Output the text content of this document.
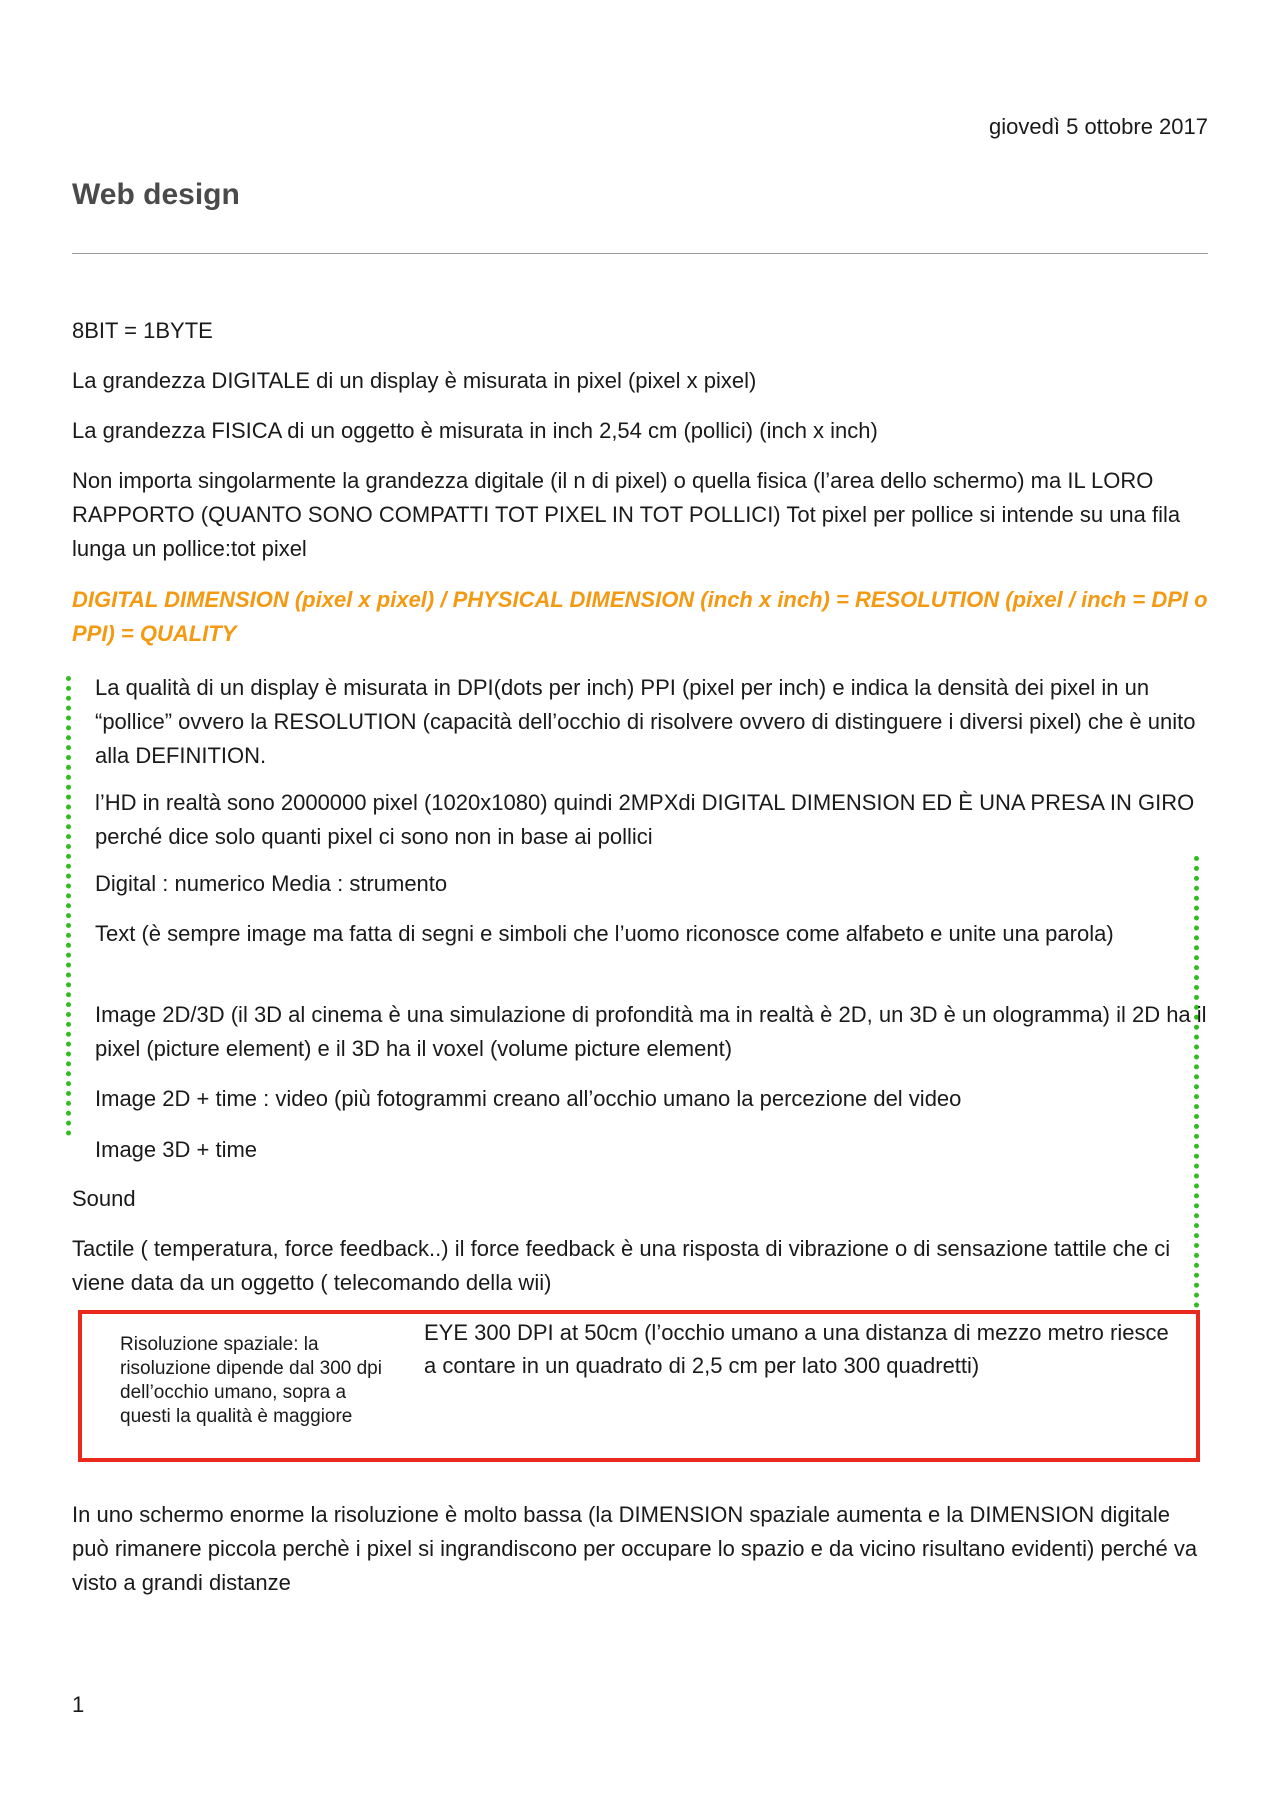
giovedì 5 ottobre 2017
Web design

8BIT = 1BYTE

La grandezza DIGITALE di un display è misurata in pixel (pixel x pixel)

La grandezza FISICA di un oggetto è misurata in inch 2,54 cm (pollici) (inch x inch)

Non importa singolarmente la grandezza digitale (il n di pixel) o quella fisica (l’area dello schermo) ma IL LORO RAPPORTO (QUANTO SONO COMPATTI TOT PIXEL IN TOT POLLICI) Tot pixel per pollice si intende su una fila lunga un pollice:tot pixel

DIGITAL DIMENSION (pixel x pixel) / PHYSICAL DIMENSION (inch x inch) = RESOLUTION (pixel / inch = DPI o PPI) = QUALITY

La qualità di un display è misurata in DPI(dots per inch) PPI (pixel per inch) e indica la densità dei pixel in un “pollice” ovvero la RESOLUTION (capacità dell’occhio di risolvere ovvero di distinguere i diversi pixel) che è unito alla DEFINITION.

l’HD in realtà sono 2000000 pixel (1020x1080) quindi 2MPXdi DIGITAL DIMENSION ED È UNA PRESA IN GIRO perché dice solo quanti pixel ci sono non in base ai pollici

Digital : numerico Media : strumento

Text (è sempre image ma fatta di segni e simboli che l’uomo riconosce come alfabeto e unite una parola)

Image 2D/3D (il 3D al cinema è una simulazione di profondità ma in realtà è 2D, un 3D è un ologramma) il 2D ha il pixel (picture element) e il 3D ha il voxel (volume picture element)

Image 2D + time : video (più fotogrammi creano all’occhio umano la percezione del video

Image 3D + time

Sound

Tactile ( temperatura, force feedback..) il force feedback è una risposta di vibrazione o di sensazione tattile che ci viene data da un oggetto ( telecomando della wii)

Risoluzione spaziale: la risoluzione dipende dal 300 dpi dell’occhio umano, sopra a questi la qualità è maggiore

EYE 300 DPI at 50cm (l’occhio umano a una distanza di mezzo metro riesce a contare in un quadrato di 2,5 cm per lato 300 quadretti)

In uno schermo enorme la risoluzione è molto bassa (la DIMENSION spaziale aumenta e la DIMENSION digitale può rimanere piccola perchè i pixel si ingrandiscono per occupare lo spazio e da vicino risultano evidenti) perché va visto a grandi distanze

1
